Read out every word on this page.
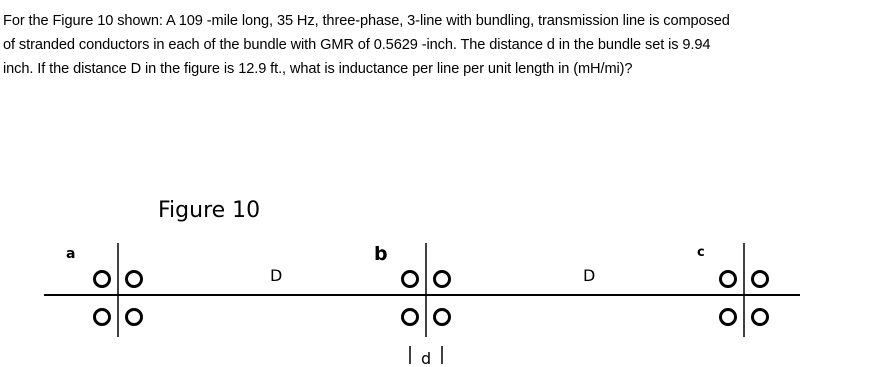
For the Figure 10 shown: A 109 -mile long, 35 Hz, three-phase, 3-line with bundling, transmission line is composed
of stranded conductors in each of the bundle with GMR of 0.5629 -inch. The distance d in the bundle set is 9.94
inch. If the distance D in the figure is 12.9 ft., what is inductance per line per unit length in (mH/mi)?
Figure 10
a
D
b
d
D
c
